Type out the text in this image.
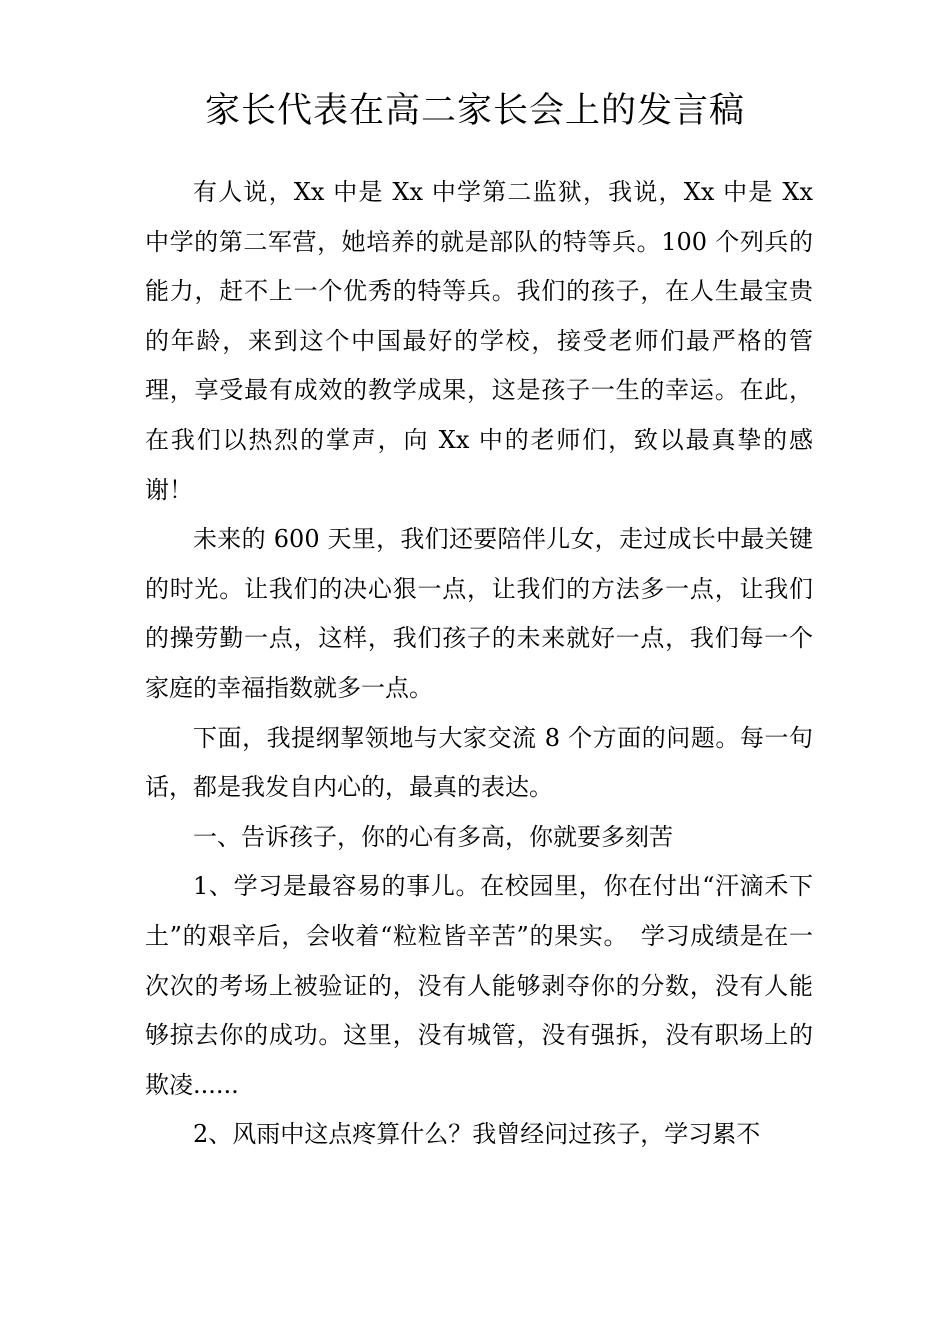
家长代表在高二家长会上的发言稿

有人说，Xx 中是 Xx 中学第二监狱，我说，Xx 中是 Xx 中学的第二军营，她培养的就是部队的特等兵。100 个列兵的能力，赶不上一个优秀的特等兵。我们的孩子，在人生最宝贵的年龄，来到这个中国最好的学校，接受老师们最严格的管理，享受最有成效的教学成果，这是孩子一生的幸运。在此，在我们以热烈的掌声，向 Xx 中的老师们，致以最真挚的感谢！

未来的 600 天里，我们还要陪伴儿女，走过成长中最关键的时光。让我们的决心狠一点，让我们的方法多一点，让我们的操劳勤一点，这样，我们孩子的未来就好一点，我们每一个家庭的幸福指数就多一点。

下面，我提纲挈领地与大家交流 8 个方面的问题。每一句话，都是我发自内心的，最真的表达。

一、告诉孩子，你的心有多高，你就要多刻苦

1、学习是最容易的事儿。在校园里，你在付出“汗滴禾下土”的艰辛后，会收着“粒粒皆辛苦”的果实。　学习成绩是在一次次的考场上被验证的，没有人能够剥夺你的分数，没有人能够掠去你的成功。这里，没有城管，没有强拆，没有职场上的欺凌......

2、风雨中这点疼算什么？我曾经问过孩子，学习累不
